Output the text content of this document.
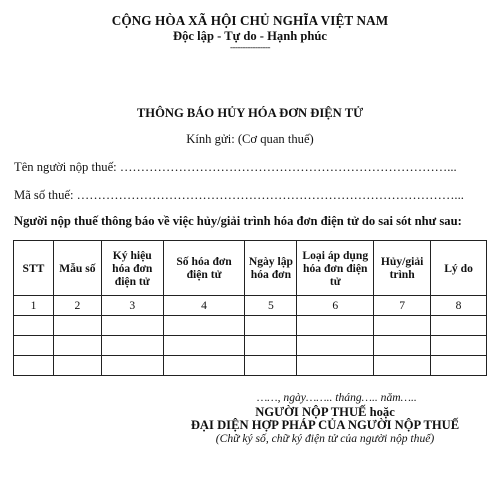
CỘNG HÒA XÃ HỘI CHỦ NGHĨA VIỆT NAM
Độc lập - Tự do - Hạnh phúc
----------------
THÔNG BÁO HỦY HÓA ĐƠN ĐIỆN TỬ
Kính gửi: (Cơ quan thuế)
Tên người nộp thuế: ……………………………………………………………………...
Mã số thuế: ………………………………………………………………………………...
Người nộp thuế thông báo về việc hủy/giải trình hóa đơn điện tử do sai sót như sau:
STT	Mẫu số	Ký hiệu hóa đơn điện tử	Số hóa đơn điện tử	Ngày lập hóa đơn	Loại áp dụng hóa đơn điện tử	Hủy/giải trình	Lý do
1	2	3	4	5	6	7	8

……, ngày…….. tháng….. năm…..
NGƯỜI NỘP THUẾ hoặc
ĐẠI DIỆN HỢP PHÁP CỦA NGƯỜI NỘP THUẾ
(Chữ ký số, chữ ký điện tử của người nộp thuế)
